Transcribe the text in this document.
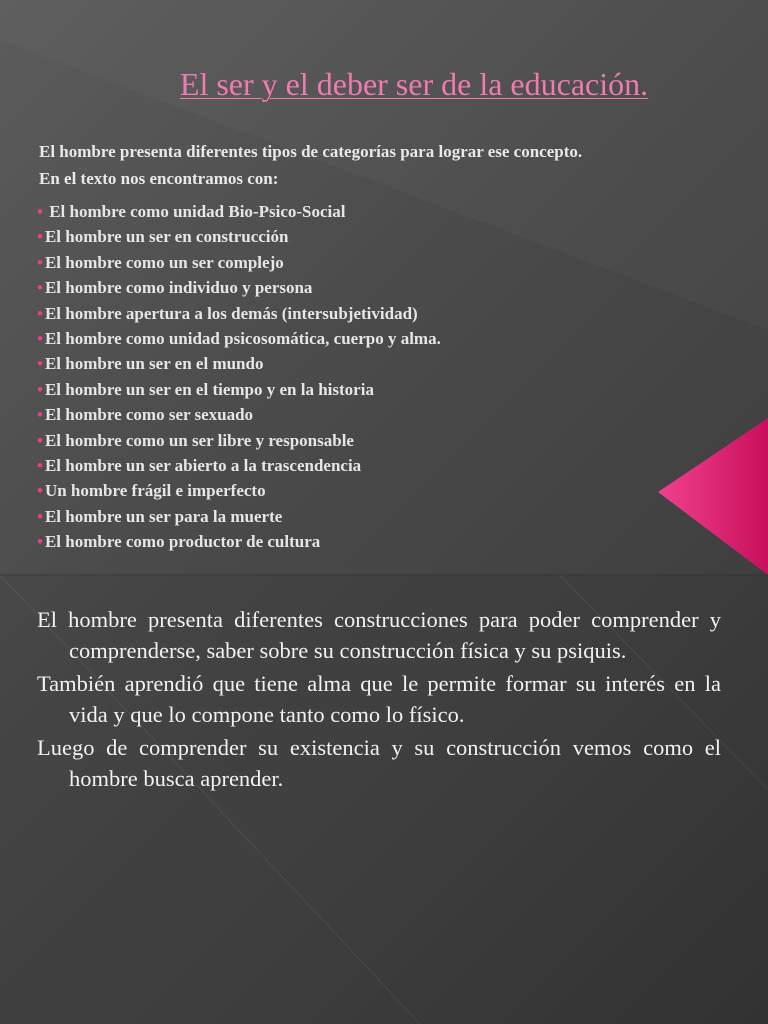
El ser y el deber ser de la educación.

El hombre presenta diferentes tipos de categorías para lograr ese concepto.

En el texto nos encontramos con:

• El hombre como unidad Bio-Psico-Social
• El hombre un ser en construcción
• El hombre como un ser complejo
• El hombre como individuo y persona
• El hombre apertura a los demás (intersubjetividad)
• El hombre como unidad psicosomática, cuerpo y alma.
• El hombre un ser en el mundo
• El hombre un ser en el tiempo y en la historia
• El hombre como ser sexuado
• El hombre como un ser libre y responsable
• El hombre un ser abierto a la trascendencia
• Un hombre frágil e imperfecto
• El hombre un ser para la muerte
• El hombre como productor de cultura

El hombre presenta diferentes construcciones para poder comprender y comprenderse, saber sobre su construcción física y su psiquis.

También aprendió que tiene alma que le permite formar su interés en la vida y que lo compone tanto como lo físico.

Luego de comprender su existencia y su construcción vemos como el hombre busca aprender.
